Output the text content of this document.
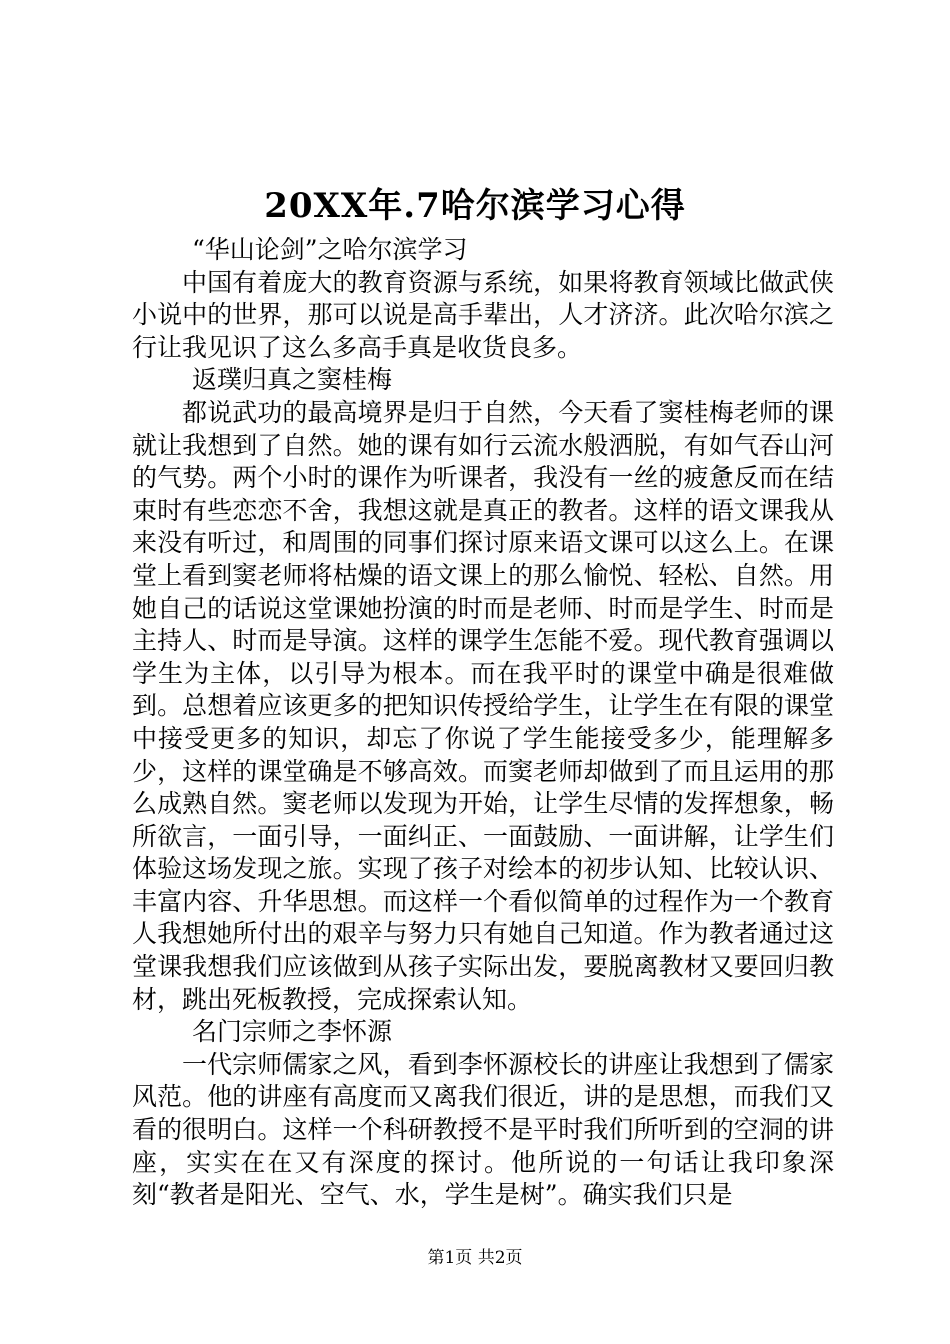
20XX年.7哈尔滨学习心得

“华山论剑”之哈尔滨学习

中国有着庞大的教育资源与系统，如果将教育领域比做武侠小说中的世界，那可以说是高手辈出，人才济济。此次哈尔滨之行让我见识了这么多高手真是收货良多。

返璞归真之窦桂梅

都说武功的最高境界是归于自然，今天看了窦桂梅老师的课就让我想到了自然。她的课有如行云流水般洒脱，有如气吞山河的气势。两个小时的课作为听课者，我没有一丝的疲惫反而在结束时有些恋恋不舍，我想这就是真正的教者。这样的语文课我从来没有听过，和周围的同事们探讨原来语文课可以这么上。在课堂上看到窦老师将枯燥的语文课上的那么愉悦、轻松、自然。用她自己的话说这堂课她扮演的时而是老师、时而是学生、时而是主持人、时而是导演。这样的课学生怎能不爱。现代教育强调以学生为主体，以引导为根本。而在我平时的课堂中确是很难做到。总想着应该更多的把知识传授给学生，让学生在有限的课堂中接受更多的知识，却忘了你说了学生能接受多少，能理解多少，这样的课堂确是不够高效。而窦老师却做到了而且运用的那么成熟自然。窦老师以发现为开始，让学生尽情的发挥想象，畅所欲言，一面引导，一面纠正、一面鼓励、一面讲解，让学生们体验这场发现之旅。实现了孩子对绘本的初步认知、比较认识、丰富内容、升华思想。而这样一个看似简单的过程作为一个教育人我想她所付出的艰辛与努力只有她自己知道。作为教者通过这堂课我想我们应该做到从孩子实际出发，要脱离教材又要回归教材，跳出死板教授，完成探索认知。

名门宗师之李怀源

一代宗师儒家之风，看到李怀源校长的讲座让我想到了儒家风范。他的讲座有高度而又离我们很近，讲的是思想，而我们又看的很明白。这样一个科研教授不是平时我们所听到的空洞的讲座，实实在在又有深度的探讨。他所说的一句话让我印象深刻“教者是阳光、空气、水，学生是树”。确实我们只是

第1页 共2页
